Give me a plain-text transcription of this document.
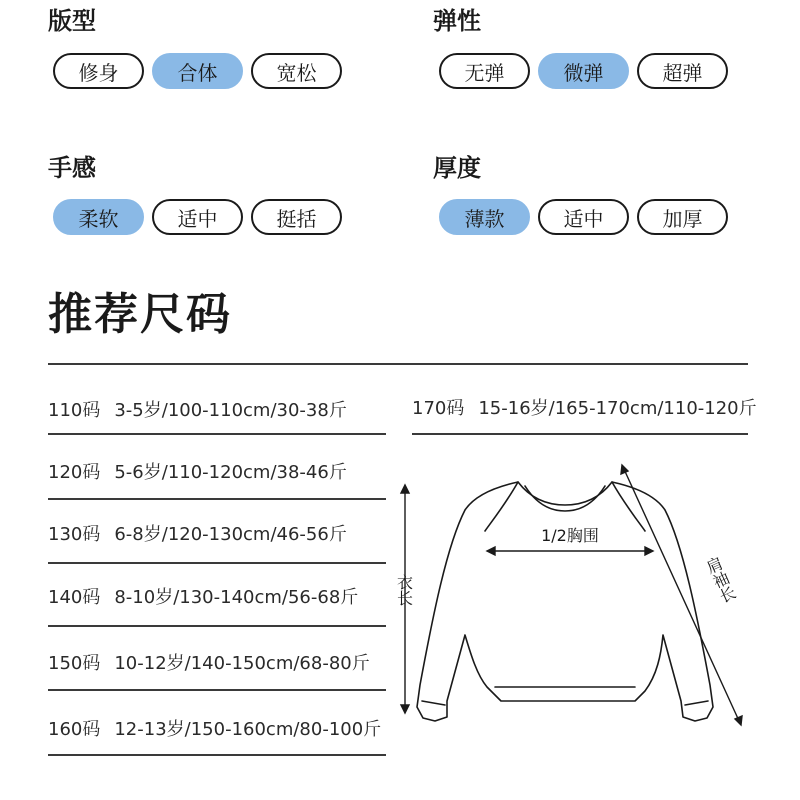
版型
修身	合体	宽松
弹性
无弹	微弹	超弹
手感
柔软	适中	挺括
厚度
薄款	适中	加厚
推荐尺码
110码 3-5岁/100-110cm/30-38斤
120码 5-6岁/110-120cm/38-46斤
130码 6-8岁/120-130cm/46-56斤
140码 8-10岁/130-140cm/56-68斤
150码 10-12岁/140-150cm/68-80斤
160码 12-13岁/150-160cm/80-100斤
170码 15-16岁/165-170cm/110-120斤
1/2胸围
衣长	肩袖长
